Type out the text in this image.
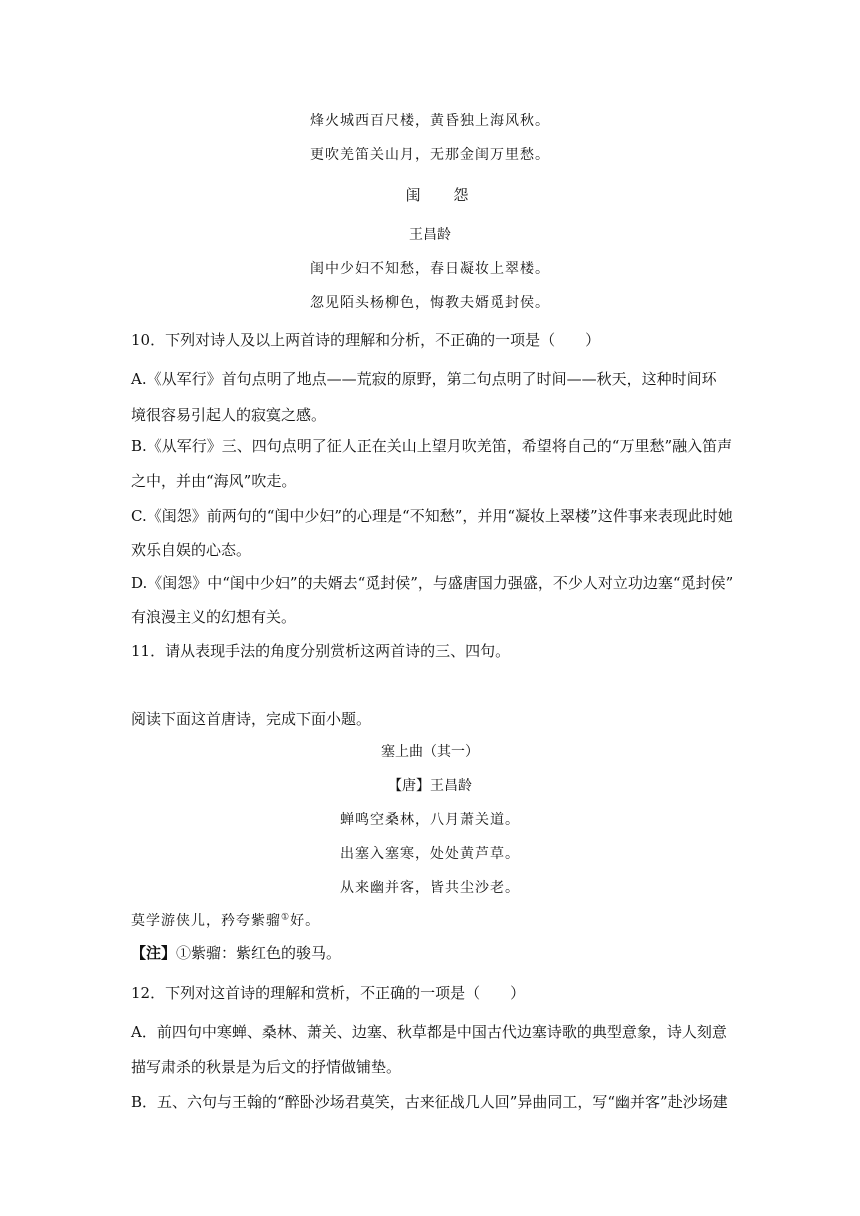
烽火城西百尺楼，黄昏独上海风秋。
更吹羌笛关山月，无那金闺万里愁。
闺 怨
王昌龄
闺中少妇不知愁，春日凝妆上翠楼。
忽见陌头杨柳色，悔教夫婿觅封侯。
10．下列对诗人及以上两首诗的理解和分析，不正确的一项是（　　）
A.《从军行》首句点明了地点——荒寂的原野，第二句点明了时间——秋天，这种时间环
境很容易引起人的寂寞之感。
B.《从军行》三、四句点明了征人正在关山上望月吹羌笛，希望将自己的“万里愁”融入笛声
之中，并由“海风”吹走。
C.《闺怨》前两句的“闺中少妇”的心理是“不知愁”，并用“凝妆上翠楼”这件事来表现此时她
欢乐自娱的心态。
D.《闺怨》中“闺中少妇”的夫婿去“觅封侯”，与盛唐国力强盛，不少人对立功边塞“觅封侯”
有浪漫主义的幻想有关。
11．请从表现手法的角度分别赏析这两首诗的三、四句。
阅读下面这首唐诗，完成下面小题。
塞上曲（其一）
【唐】王昌龄
蝉鸣空桑林，八月萧关道。
出塞入塞寒，处处黄芦草。
从来幽并客，皆共尘沙老。
莫学游侠儿，矜夸紫骝①好。
【注】①紫骝：紫红色的骏马。
12．下列对这首诗的理解和赏析，不正确的一项是（　　）
A．前四句中寒蝉、桑林、萧关、边塞、秋草都是中国古代边塞诗歌的典型意象，诗人刻意
描写肃杀的秋景是为后文的抒情做铺垫。
B．五、六句与王翰的“醉卧沙场君莫笑，古来征战几人回”异曲同工，写“幽并客”赴沙场建
